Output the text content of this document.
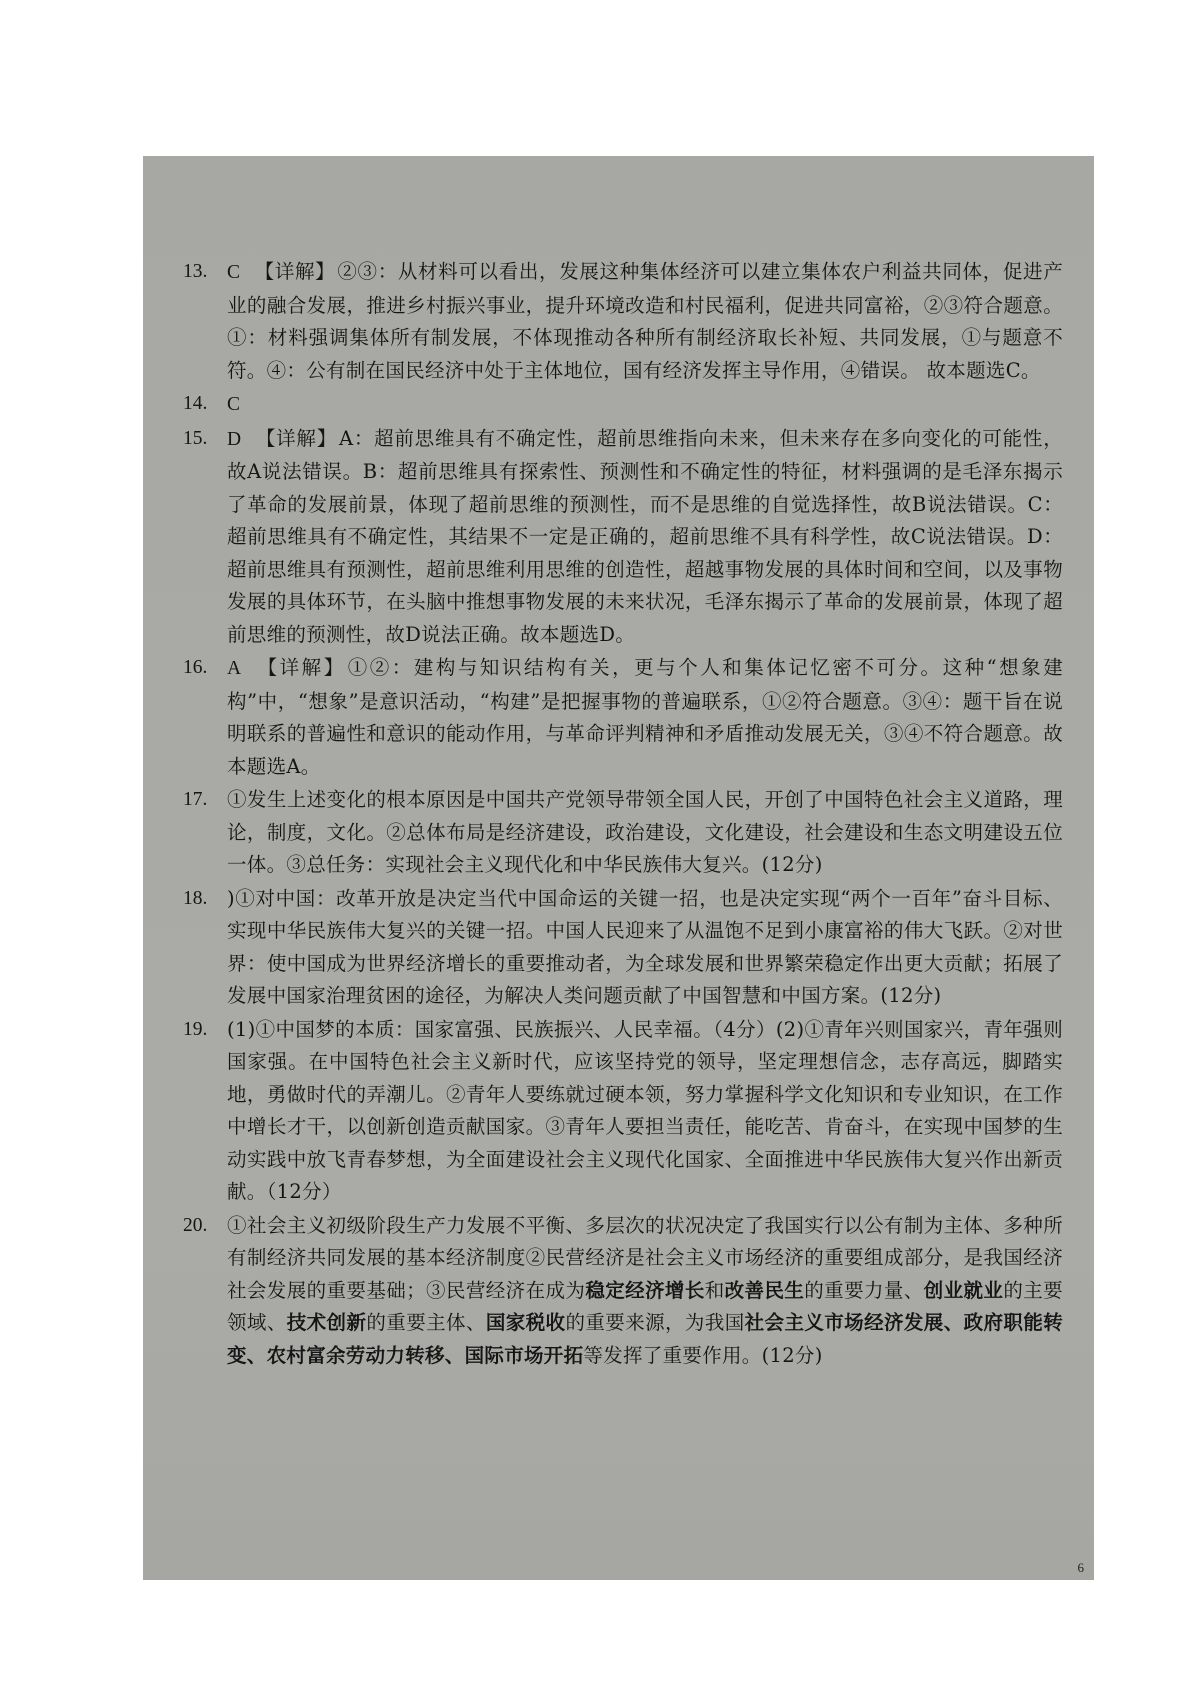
13.	C 【详解】 ②③：从材料可以看出，发展这种集体经济可以建立集体农户利益共同体，促进产业的融合发展，推进乡村振兴事业，提升环境改造和村民福利，促进共同富裕，②③符合题意。①：材料强调集体所有制发展，不体现推动各种所有制经济取长补短、共同发展，①与题意不符。④：公有制在国民经济中处于主体地位，国有经济发挥主导作用，④错误。 故本题选C。
14.	C
15.	D 【详解】 A：超前思维具有不确定性，超前思维指向未来，但未来存在多向变化的可能性，故A说法错误。B：超前思维具有探索性、预测性和不确定性的特征，材料强调的是毛泽东揭示了革命的发展前景，体现了超前思维的预测性，而不是思维的自觉选择性，故B说法错误。C：超前思维具有不确定性，其结果不一定是正确的，超前思维不具有科学性，故C说法错误。D：超前思维具有预测性，超前思维利用思维的创造性，超越事物发展的具体时间和空间，以及事物发展的具体环节，在头脑中推想事物发展的未来状况，毛泽东揭示了革命的发展前景，体现了超前思维的预测性，故D说法正确。故本题选D。
16.	A 【详解】 ①②：建构与知识结构有关，更与个人和集体记忆密不可分。这种“想象建构”中，“想象”是意识活动，“构建”是把握事物的普遍联系，①②符合题意。③④：题干旨在说明联系的普遍性和意识的能动作用，与革命评判精神和矛盾推动发展无关，③④不符合题意。故本题选A。
17.	①发生上述变化的根本原因是中国共产党领导带领全国人民，开创了中国特色社会主义道路，理论，制度，文化。②总体布局是经济建设，政治建设，文化建设，社会建设和生态文明建设五位一体。③总任务：实现社会主义现代化和中华民族伟大复兴。(12分)
18.	)①对中国：改革开放是决定当代中国命运的关键一招，也是决定实现“两个一百年”奋斗目标、实现中华民族伟大复兴的关键一招。中国人民迎来了从温饱不足到小康富裕的伟大飞跃。②对世界：使中国成为世界经济增长的重要推动者，为全球发展和世界繁荣稳定作出更大贡献；拓展了发展中国家治理贫困的途径，为解决人类问题贡献了中国智慧和中国方案。(12分)
19.	(1)①中国梦的本质：国家富强、民族振兴、人民幸福。（4分）(2)①青年兴则国家兴，青年强则国家强。在中国特色社会主义新时代，应该坚持党的领导，坚定理想信念，志存高远，脚踏实地，勇做时代的弄潮儿。②青年人要练就过硬本领，努力掌握科学文化知识和专业知识，在工作中增长才干，以创新创造贡献国家。③青年人要担当责任，能吃苦、肯奋斗，在实现中国梦的生动实践中放飞青春梦想，为全面建设社会主义现代化国家、全面推进中华民族伟大复兴作出新贡献。（12分）
20.	①社会主义初级阶段生产力发展不平衡、多层次的状况决定了我国实行以公有制为主体、多种所有制经济共同发展的基本经济制度②民营经济是社会主义市场经济的重要组成部分，是我国经济社会发展的重要基础；③民营经济在成为稳定经济增长和改善民生的重要力量、创业就业的主要领域、技术创新的重要主体、国家税收的重要来源，为我国社会主义市场经济发展、政府职能转变、农村富余劳动力转移、国际市场开拓等发挥了重要作用。(12分)
6
